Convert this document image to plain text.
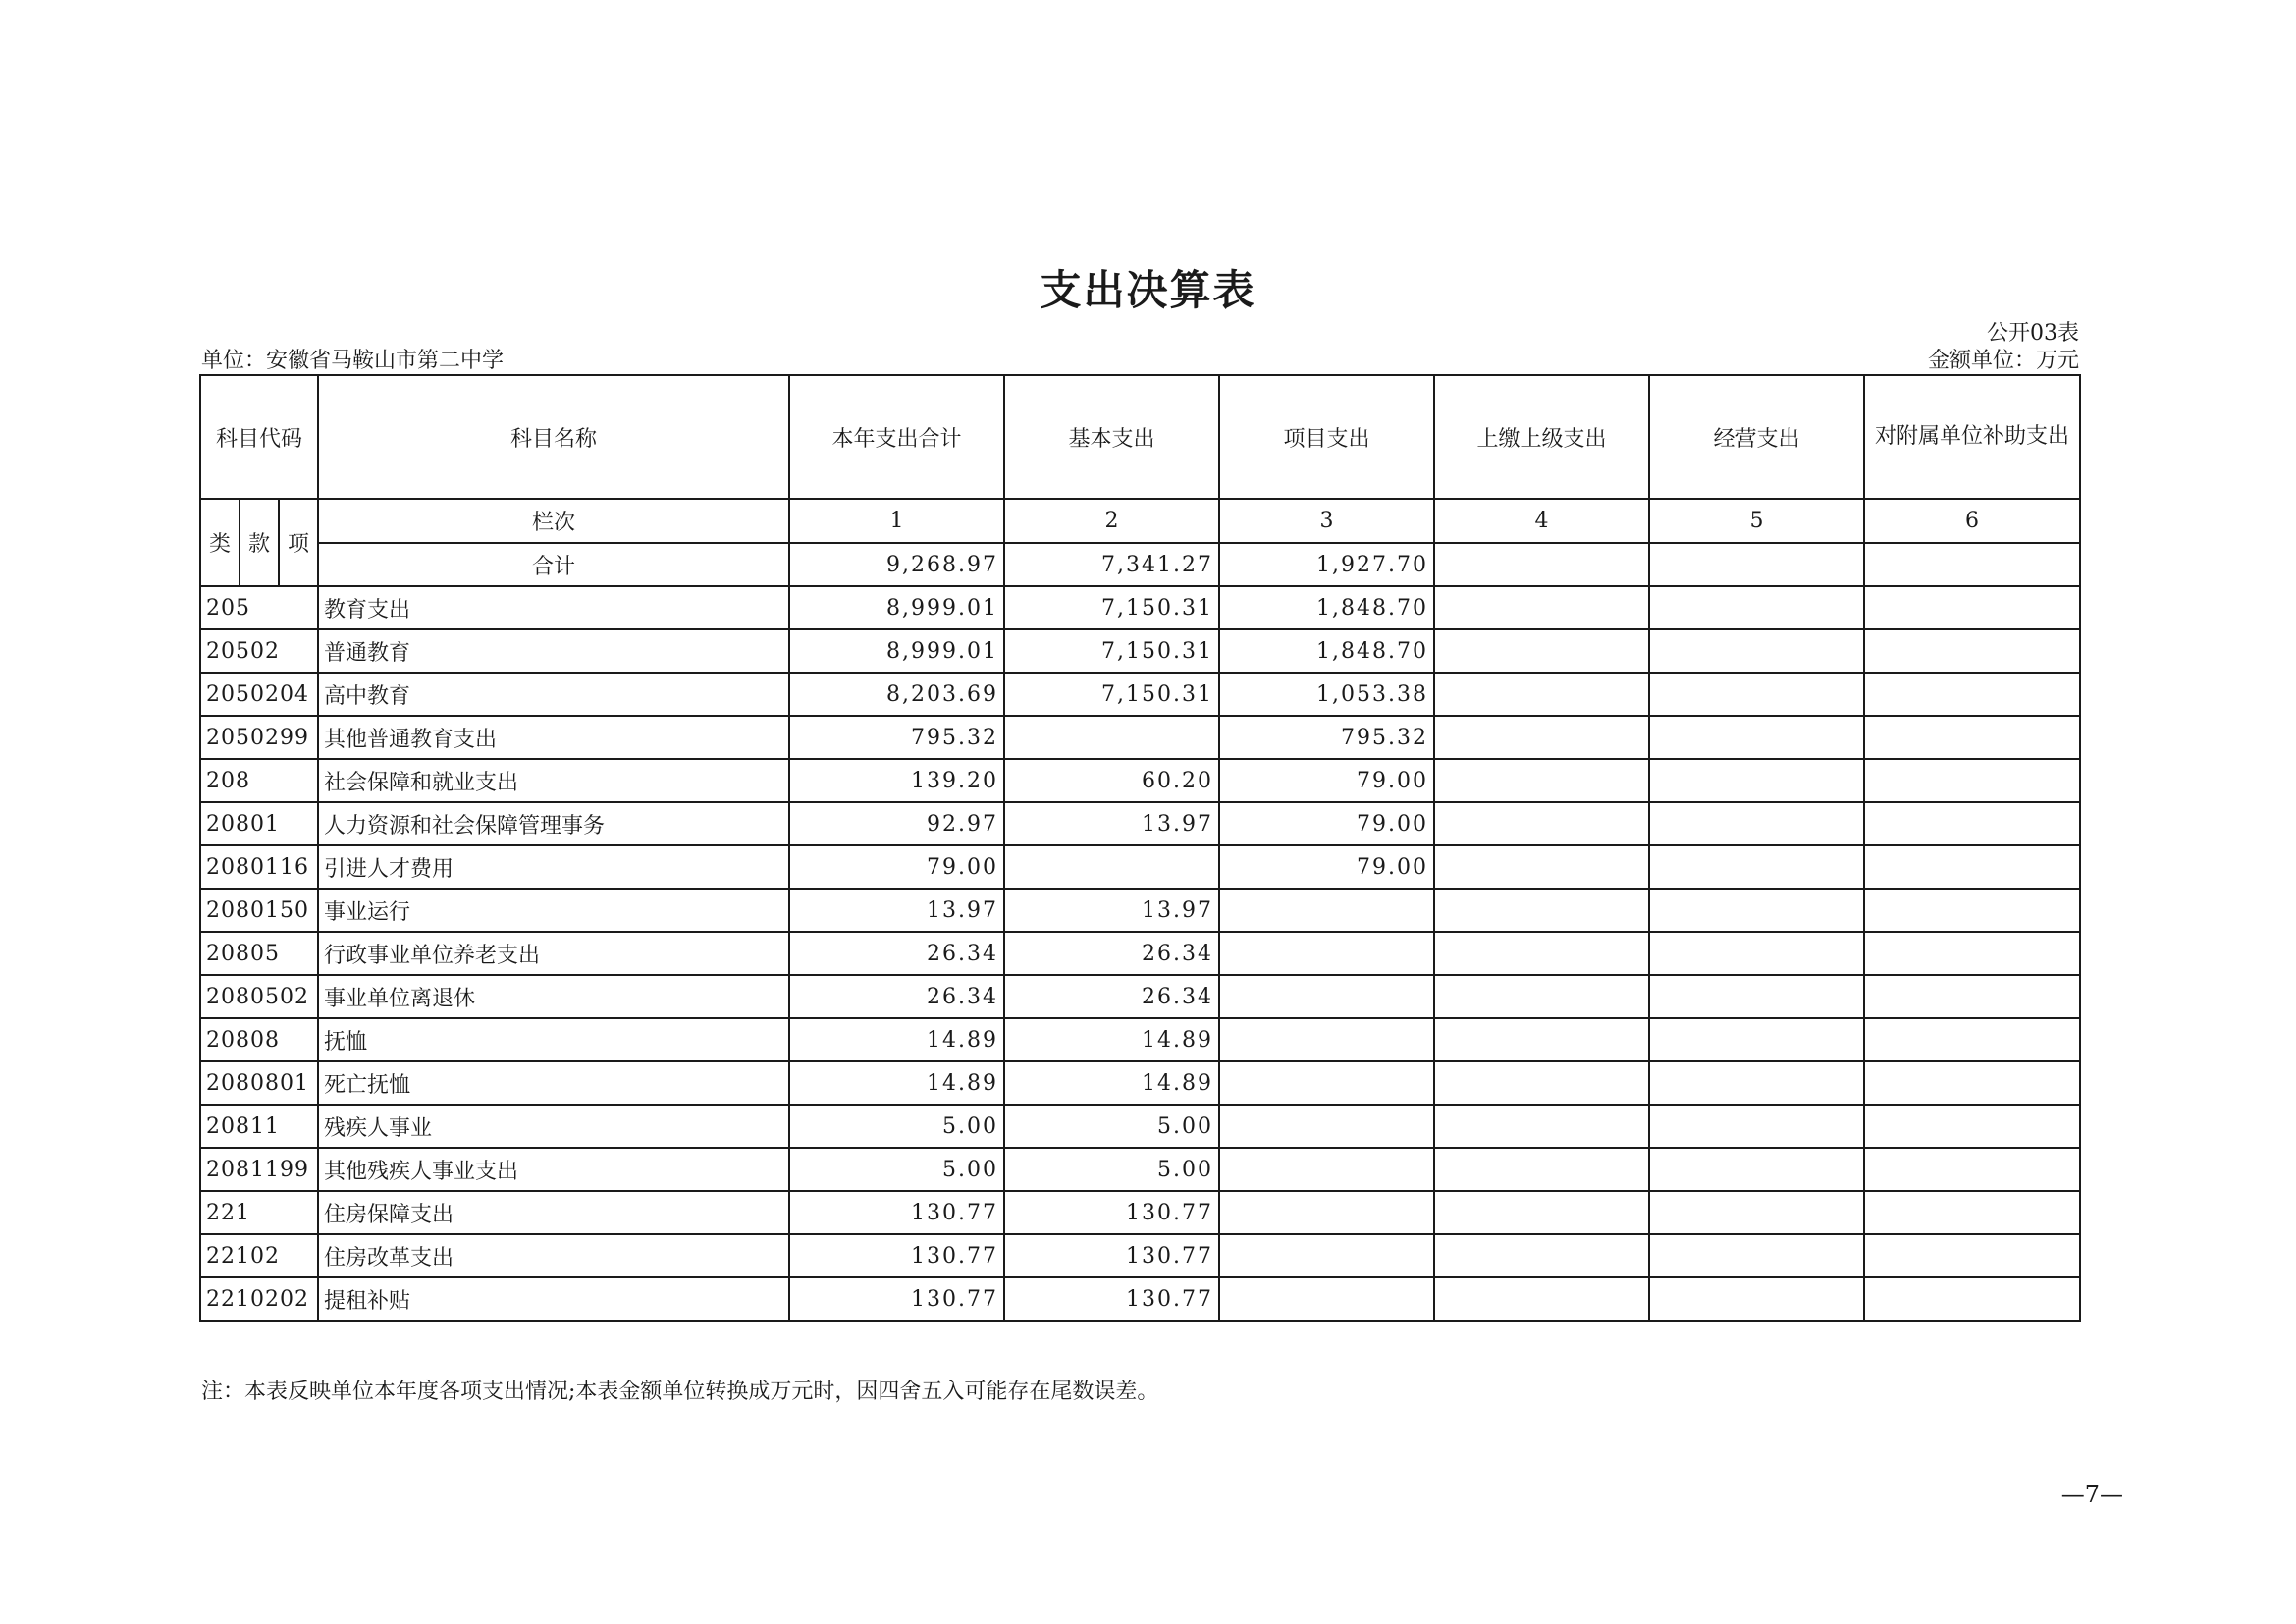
支出决算表
公开03表
单位：安徽省马鞍山市第二中学	金额单位：万元
科目代码			科目名称	本年支出合计	基本支出	项目支出	上缴上级支出	经营支出	对附属单位补助支出
类	款	项	栏次	1	2	3	4	5	6
			合计	9,268.97	7,341.27	1,927.70			
205			教育支出	8,999.01	7,150.31	1,848.70			
20502			普通教育	8,999.01	7,150.31	1,848.70			
2050204			高中教育	8,203.69	7,150.31	1,053.38			
2050299			其他普通教育支出	795.32		795.32			
208			社会保障和就业支出	139.20	60.20	79.00			
20801			人力资源和社会保障管理事务	92.97	13.97	79.00			
2080116			引进人才费用	79.00		79.00			
2080150			事业运行	13.97	13.97				
20805			行政事业单位养老支出	26.34	26.34				
2080502			事业单位离退休	26.34	26.34				
20808			抚恤	14.89	14.89				
2080801			死亡抚恤	14.89	14.89				
20811			残疾人事业	5.00	5.00				
2081199			其他残疾人事业支出	5.00	5.00				
221			住房保障支出	130.77	130.77				
22102			住房改革支出	130.77	130.77				
2210202			提租补贴	130.77	130.77				
注：本表反映单位本年度各项支出情况;本表金额单位转换成万元时，因四舍五入可能存在尾数误差。
—7—
